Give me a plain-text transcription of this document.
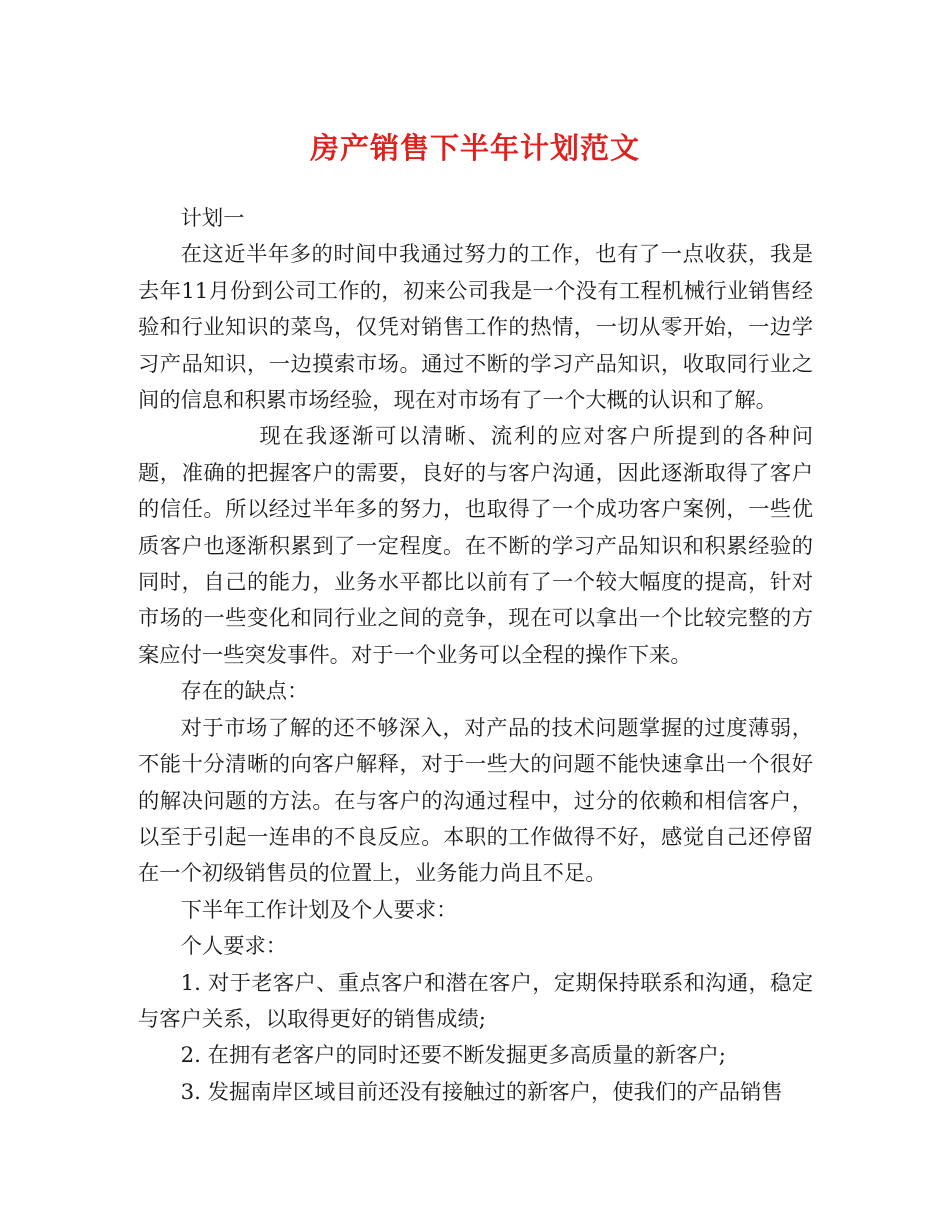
房产销售下半年计划范文

计划一

在这近半年多的时间中我通过努力的工作，也有了一点收获，我是去年11月份到公司工作的，初来公司我是一个没有工程机械行业销售经验和行业知识的菜鸟，仅凭对销售工作的热情，一切从零开始，一边学习产品知识，一边摸索市场。通过不断的学习产品知识，收取同行业之间的信息和积累市场经验，现在对市场有了一个大概的认识和了解。

现在我逐渐可以清晰、流利的应对客户所提到的各种问题，准确的把握客户的需要，良好的与客户沟通，因此逐渐取得了客户的信任。所以经过半年多的努力，也取得了一个成功客户案例，一些优质客户也逐渐积累到了一定程度。在不断的学习产品知识和积累经验的同时，自己的能力，业务水平都比以前有了一个较大幅度的提高，针对市场的一些变化和同行业之间的竞争，现在可以拿出一个比较完整的方案应付一些突发事件。对于一个业务可以全程的操作下来。

存在的缺点：

对于市场了解的还不够深入，对产品的技术问题掌握的过度薄弱，不能十分清晰的向客户解释，对于一些大的问题不能快速拿出一个很好的解决问题的方法。在与客户的沟通过程中，过分的依赖和相信客户，以至于引起一连串的不良反应。本职的工作做得不好，感觉自己还停留在一个初级销售员的位置上，业务能力尚且不足。

下半年工作计划及个人要求：

个人要求：

1. 对于老客户、重点客户和潜在客户，定期保持联系和沟通，稳定与客户关系，以取得更好的销售成绩;

2. 在拥有老客户的同时还要不断发掘更多高质量的新客户;

3. 发掘南岸区域目前还没有接触过的新客户，使我们的产品销售
